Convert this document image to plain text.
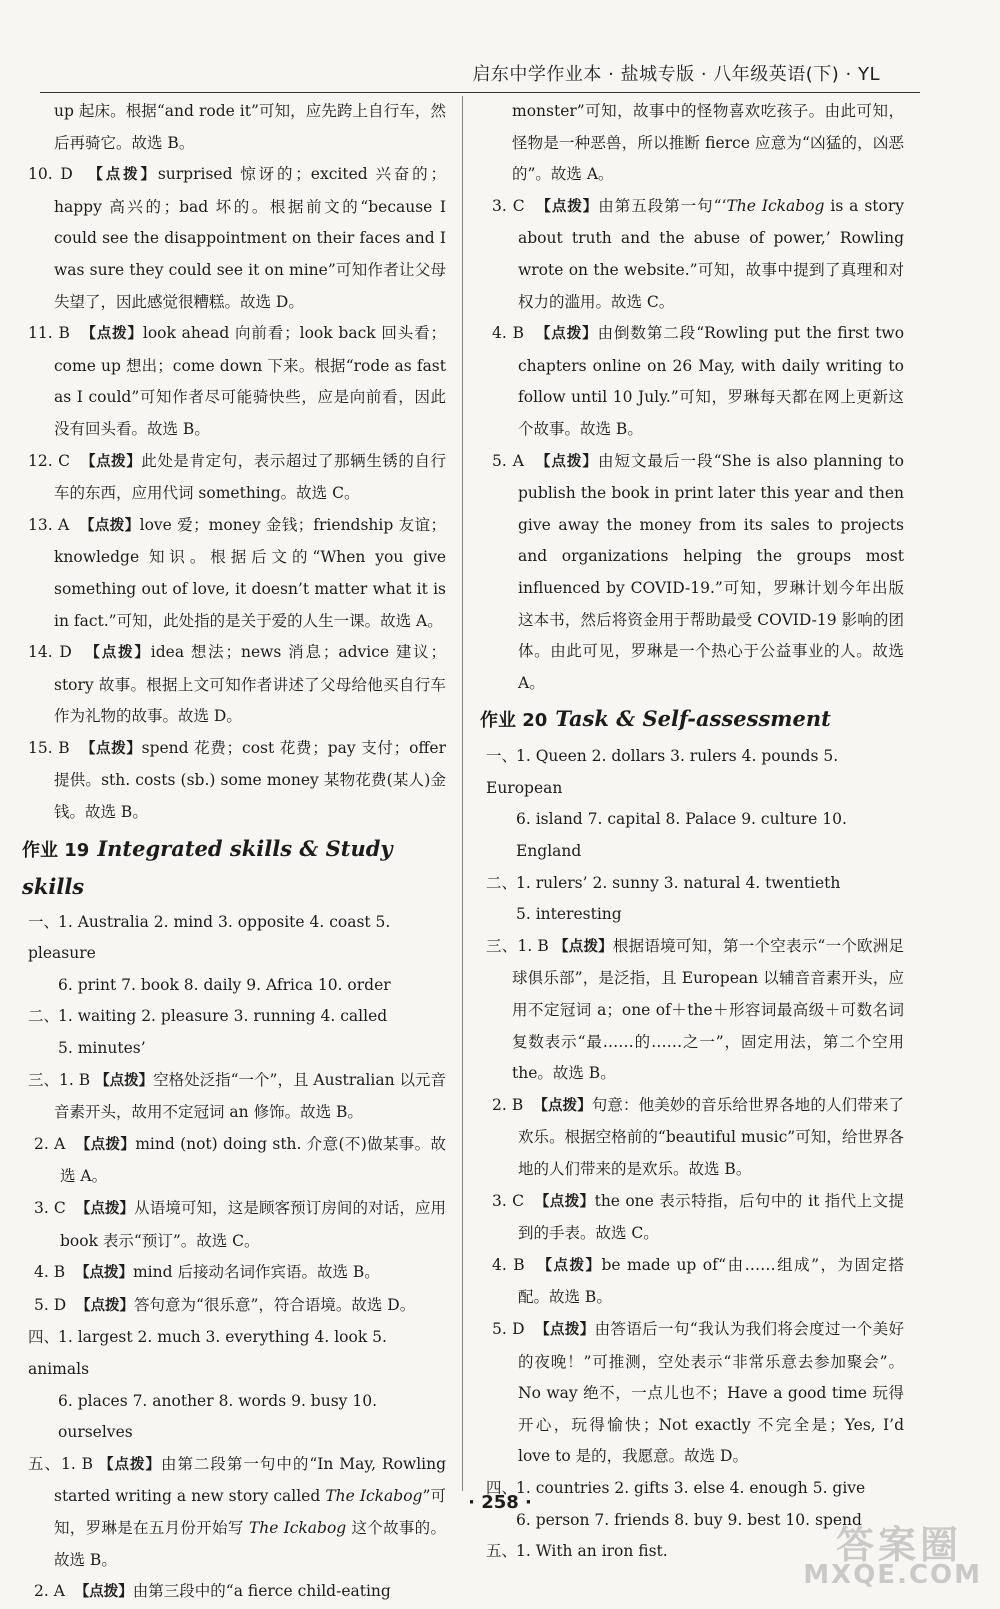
启东中学作业本 · 盐城专版 · 八年级英语(下) · YL

up 起床。根据“and rode it”可知，应先跨上自行车，然后再骑它。故选 B。

10. D 【点拨】surprised 惊讶的；excited 兴奋的；happy 高兴的；bad 坏的。根据前文的“because I could see the disappointment on their faces and I was sure they could see it on mine”可知作者让父母失望了，因此感觉很糟糕。故选 D。

11. B 【点拨】look ahead 向前看；look back 回头看；come up 想出；come down 下来。根据“rode as fast as I could”可知作者尽可能骑快些，应是向前看，因此没有回头看。故选 B。

12. C 【点拨】此处是肯定句，表示超过了那辆生锈的自行车的东西，应用代词 something。故选 C。

13. A 【点拨】love 爱；money 金钱；friendship 友谊；knowledge 知识。根据后文的“When you give something out of love, it doesn’t matter what it is in fact.”可知，此处指的是关于爱的人生一课。故选 A。

14. D 【点拨】idea 想法；news 消息；advice 建议；story 故事。根据上文可知作者讲述了父母给他买自行车作为礼物的故事。故选 D。

15. B 【点拨】spend 花费；cost 花费；pay 支付；offer 提供。sth. costs (sb.) some money 某物花费(某人)金钱。故选 B。

作业 19 Integrated skills & Study skills
一、1. Australia 2. mind 3. opposite 4. coast 5. pleasure
6. print 7. book 8. daily 9. Africa 10. order
二、1. waiting 2. pleasure 3. running 4. called
5. minutes’

三、1. B 【点拨】空格处泛指“一个”，且 Australian 以元音音素开头，故用不定冠词 an 修饰。故选 B。

2. A 【点拨】mind (not) doing sth. 介意(不)做某事。故选 A。

3. C 【点拨】从语境可知，这是顾客预订房间的对话，应用 book 表示“预订”。故选 C。

4. B 【点拨】mind 后接动名词作宾语。故选 B。

5. D 【点拨】答句意为“很乐意”，符合语境。故选 D。

四、1. largest 2. much 3. everything 4. look 5. animals
6. places 7. another 8. words 9. busy 10. ourselves

五、1. B 【点拨】由第二段第一句中的“In May, Rowling started writing a new story called The Ickabog”可知，罗琳是在五月份开始写 The Ickabog 这个故事的。故选 B。

2. A 【点拨】由第三段中的“a fierce child-eating

monster”可知，故事中的怪物喜欢吃孩子。由此可知，怪物是一种恶兽，所以推断 fierce 应意为“凶猛的，凶恶的”。故选 A。

3. C 【点拨】由第五段第一句“‘The Ickabog is a story about truth and the abuse of power,’ Rowling wrote on the website.”可知，故事中提到了真理和对权力的滥用。故选 C。

4. B 【点拨】由倒数第二段“Rowling put the first two chapters online on 26 May, with daily writing to follow until 10 July.”可知，罗琳每天都在网上更新这个故事。故选 B。

5. A 【点拨】由短文最后一段“She is also planning to publish the book in print later this year and then give away the money from its sales to projects and organizations helping the groups most influenced by COVID-19.”可知，罗琳计划今年出版这本书，然后将资金用于帮助最受 COVID-19 影响的团体。由此可见，罗琳是一个热心于公益事业的人。故选 A。

作业 20 Task & Self-assessment
一、1. Queen 2. dollars 3. rulers 4. pounds 5. European
6. island 7. capital 8. Palace 9. culture 10. England
二、1. rulers’ 2. sunny 3. natural 4. twentieth
5. interesting

三、1. B 【点拨】根据语境可知，第一个空表示“一个欧洲足球俱乐部”，是泛指，且 European 以辅音音素开头，应用不定冠词 a；one of＋the＋形容词最高级＋可数名词复数表示“最……的……之一”，固定用法，第二个空用 the。故选 B。

2. B 【点拨】句意：他美妙的音乐给世界各地的人们带来了欢乐。根据空格前的“beautiful music”可知，给世界各地的人们带来的是欢乐。故选 B。

3. C 【点拨】the one 表示特指，后句中的 it 指代上文提到的手表。故选 C。

4. B 【点拨】be made up of“由……组成”，为固定搭配。故选 B。

5. D 【点拨】由答语后一句“我认为我们将会度过一个美好的夜晚！”可推测，空处表示“非常乐意去参加聚会”。No way 绝不，一点儿也不；Have a good time 玩得开心，玩得愉快；Not exactly 不完全是；Yes, I’d love to 是的，我愿意。故选 D。

四、1. countries 2. gifts 3. else 4. enough 5. give
6. person 7. friends 8. buy 9. best 10. spend
五、1. With an iron fist.
· 258 ·
答案圈
MXQE.COM
